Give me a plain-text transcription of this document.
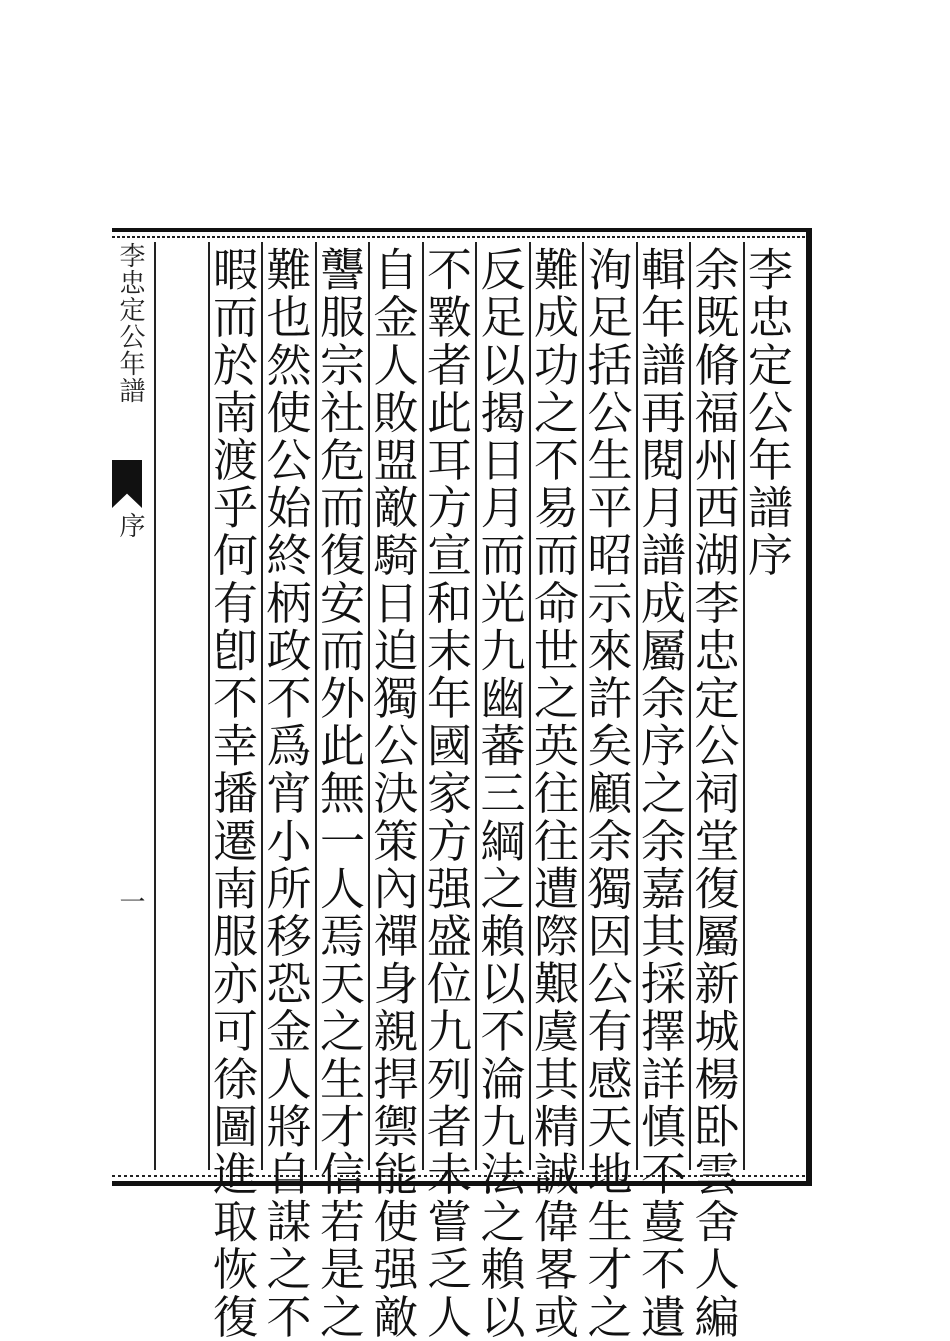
李忠定公年譜
序
一
李忠定公年譜序
余既脩福州西湖李忠定公祠堂復屬新城楊卧雲舍人編
輯年譜再閱月譜成屬余序之余嘉其採擇詳慎不蔓不遺
洵足括公生平昭示來許矣顧余獨因公有感天地生才之
難成功之不易而命世之英往往遭際艱虞其精誠偉畧或
反足以揭日月而光九幽蕃三綱之賴以不淪九法之賴以
不斁者此耳方宣和末年國家方强盛位九列者未嘗乏人
自金人敗盟敵騎日迫獨公決策內禪身親捍禦能使强敵
讋服宗社危而復安而外此無一人焉天之生才信若是之
難也然使公始終柄政不爲宵小所移恐金人將自謀之不
暇而於南渡乎何有卽不幸播遷南服亦可徐圖進取恢復
